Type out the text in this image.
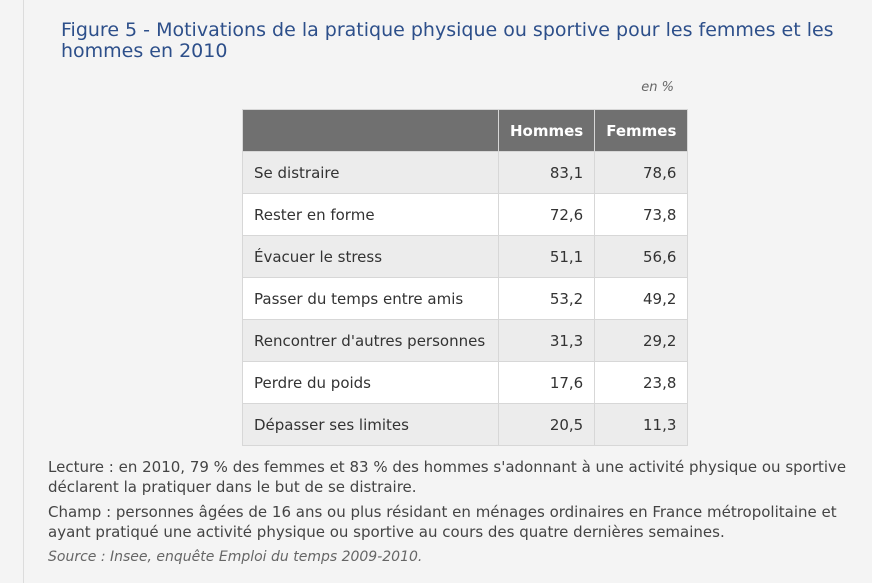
Figure 5 - Motivations de la pratique physique ou sportive pour les femmes et les hommes en 2010
en %
	Hommes	Femmes
Se distraire	83,1	78,6
Rester en forme	72,6	73,8
Évacuer le stress	51,1	56,6
Passer du temps entre amis	53,2	49,2
Rencontrer d'autres personnes	31,3	29,2
Perdre du poids	17,6	23,8
Dépasser ses limites	20,5	11,3

Lecture : en 2010, 79 % des femmes et 83 % des hommes s'adonnant à une activité physique ou sportive déclarent la pratiquer dans le but de se distraire.

Champ : personnes âgées de 16 ans ou plus résidant en ménages ordinaires en France métropolitaine et ayant pratiqué une activité physique ou sportive au cours des quatre dernières semaines.

Source : Insee, enquête Emploi du temps 2009-2010.
